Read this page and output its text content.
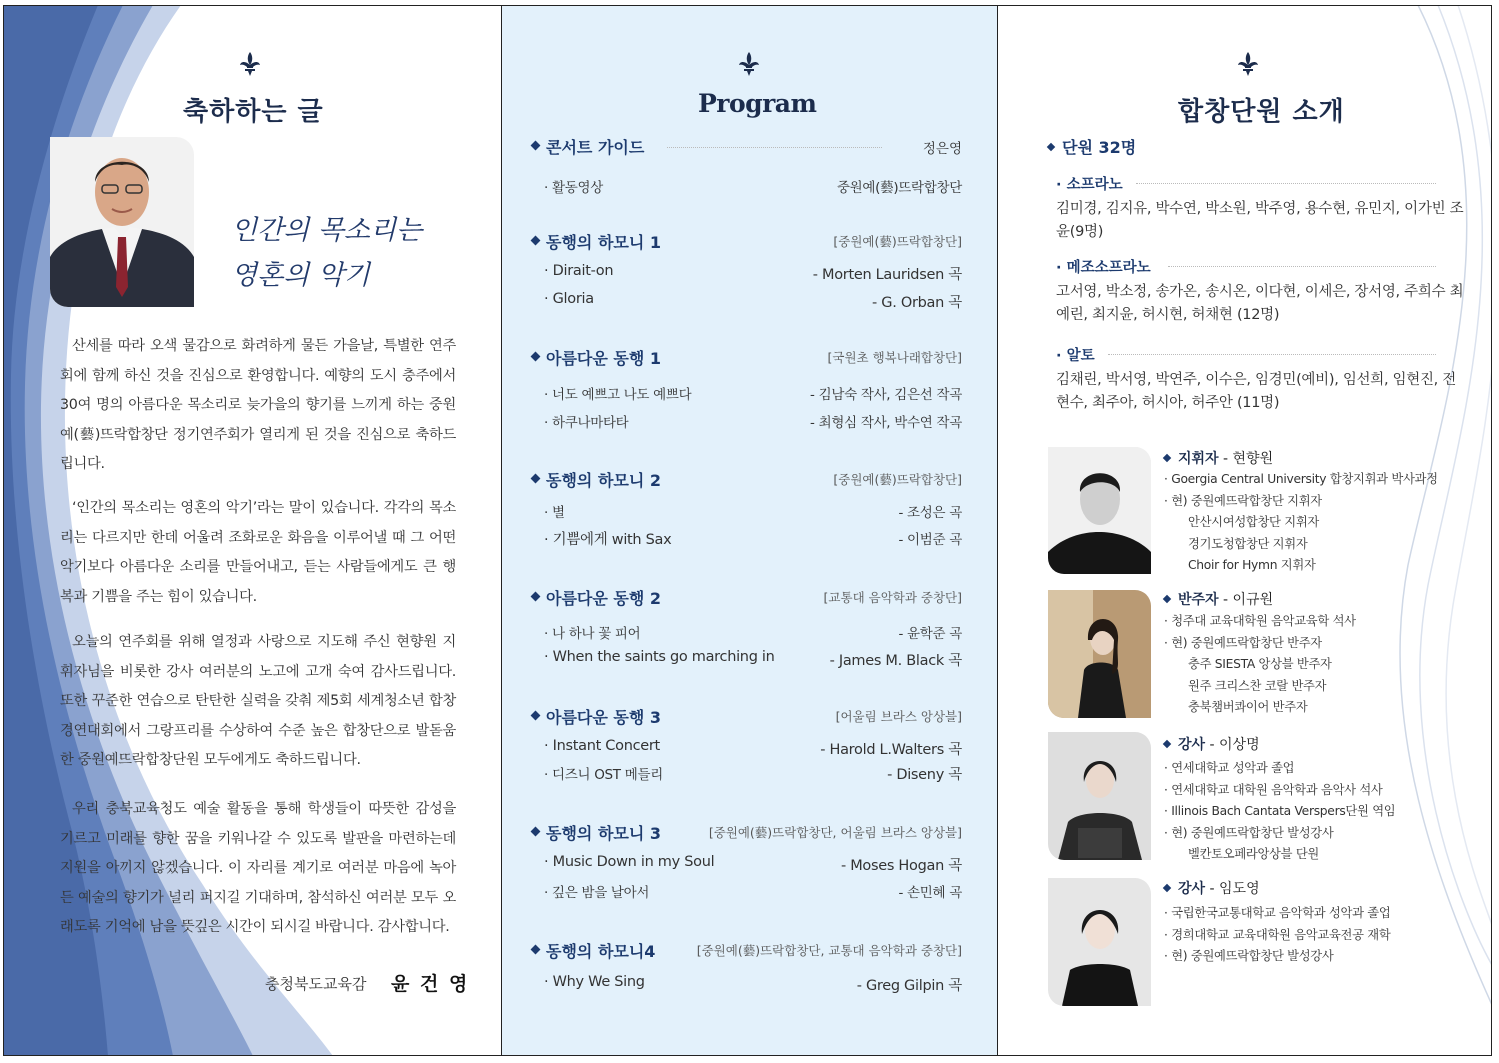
축하하는 글
인간의 목소리는
영혼의 악기
산세를 따라 오색 물감으로 화려하게 물든 가을날, 특별한 연주회에 함께 하신 것을 진심으로 환영합니다. 예향의 도시 충주에서 30여 명의 아름다운 목소리로 늦가을의 향기를 느끼게 하는 중원예(藝)뜨락합창단 정기연주회가 열리게 된 것을 진심으로 축하드립니다.
‘인간의 목소리는 영혼의 악기’라는 말이 있습니다. 각각의 목소리는 다르지만 한데 어울려 조화로운 화음을 이루어낼 때 그 어떤 악기보다 아름다운 소리를 만들어내고, 듣는 사람들에게도 큰 행복과 기쁨을 주는 힘이 있습니다.
오늘의 연주회를 위해 열정과 사랑으로 지도해 주신 현향원 지휘자님을 비롯한 강사 여러분의 노고에 고개 숙여 감사드립니다. 또한 꾸준한 연습으로 탄탄한 실력을 갖춰 제5회 세계청소년 합창경연대회에서 그랑프리를 수상하여 수준 높은 합창단으로 발돋움한 중원예뜨락합창단원 모두에게도 축하드립니다.
우리 충북교육청도 예술 활동을 통해 학생들이 따뜻한 감성을 기르고 미래를 향한 꿈을 키워나갈 수 있도록 발판을 마련하는데 지원을 아끼지 않겠습니다. 이 자리를 계기로 여러분 마음에 녹아든 예술의 향기가 널리 퍼지길 기대하며, 참석하신 여러분 모두 오래도록 기억에 남을 뜻깊은 시간이 되시길 바랍니다. 감사합니다.
충청북도교육감 윤 건 영
Program
콘서트 가이드	정은영
· 활동영상	중원예(藝)뜨락합창단
동행의 하모니 1	[중원예(藝)뜨락합창단]
· Dirait-on	- Morten Lauridsen 곡
· Gloria	- G. Orban 곡
아름다운 동행 1	[국원초 행복나래합창단]
· 너도 예쁘고 나도 예쁘다	- 김남숙 작사, 김은선 작곡
· 하쿠나마타타	- 최형심 작사, 박수연 작곡
동행의 하모니 2	[중원예(藝)뜨락합창단]
· 별	- 조성은 곡
· 기쁨에게 with Sax	- 이범준 곡
아름다운 동행 2	[교통대 음악학과 중창단]
· 나 하나 꽃 피어	- 윤학준 곡
· When the saints go marching in	- James M. Black 곡
아름다운 동행 3	[어울림 브라스 앙상블]
· Instant Concert	- Harold L.Walters 곡
· 디즈니 OST 메들리	- Diseny 곡
동행의 하모니 3	[중원예(藝)뜨락합창단, 어울림 브라스 앙상블]
· Music Down in my Soul	- Moses Hogan 곡
· 깊은 밤을 날아서	- 손민혜 곡
동행의 하모니4	[중원예(藝)뜨락합창단, 교통대 음악학과 중창단]
· Why We Sing	- Greg Gilpin 곡
합창단원 소개
단원 32명
· 소프라노
김미경, 김지유, 박수연, 박소원, 박주영, 용수현, 유민지, 이가빈 조윤(9명)
· 메조소프라노
고서영, 박소정, 송가온, 송시온, 이다현, 이세은, 장서영, 주희수 최예린, 최지윤, 허시현, 허채현 (12명)
· 알토
김채린, 박서영, 박연주, 이수은, 임경민(예비), 임선희, 임현진, 전현수, 최주아, 허시아, 허주안 (11명)
지휘자 - 현향원
· Goergia Central University 합창지휘과 박사과정
· 현) 중원예뜨락합창단 지휘자
안산시여성합창단 지휘자
경기도청합창단 지휘자
Choir for Hymn 지휘자
반주자 - 이규원
· 청주대 교육대학원 음악교육학 석사
· 현) 중원예뜨락합창단 반주자
충주 SIESTA 앙상블 반주자
원주 크리스찬 코랄 반주자
충북챔버콰이어 반주자
강사 - 이상명
· 연세대학교 성악과 졸업
· 연세대학교 대학원 음악학과 음악사 석사
· Illinois Bach Cantata Verspers단원 역임
· 현) 중원예뜨락합창단 발성강사
벨칸토오페라앙상블 단원
강사 - 임도영
· 국립한국교통대학교 음악학과 성악과 졸업
· 경희대학교 교육대학원 음악교육전공 재학
· 현) 중원예뜨락합창단 발성강사
